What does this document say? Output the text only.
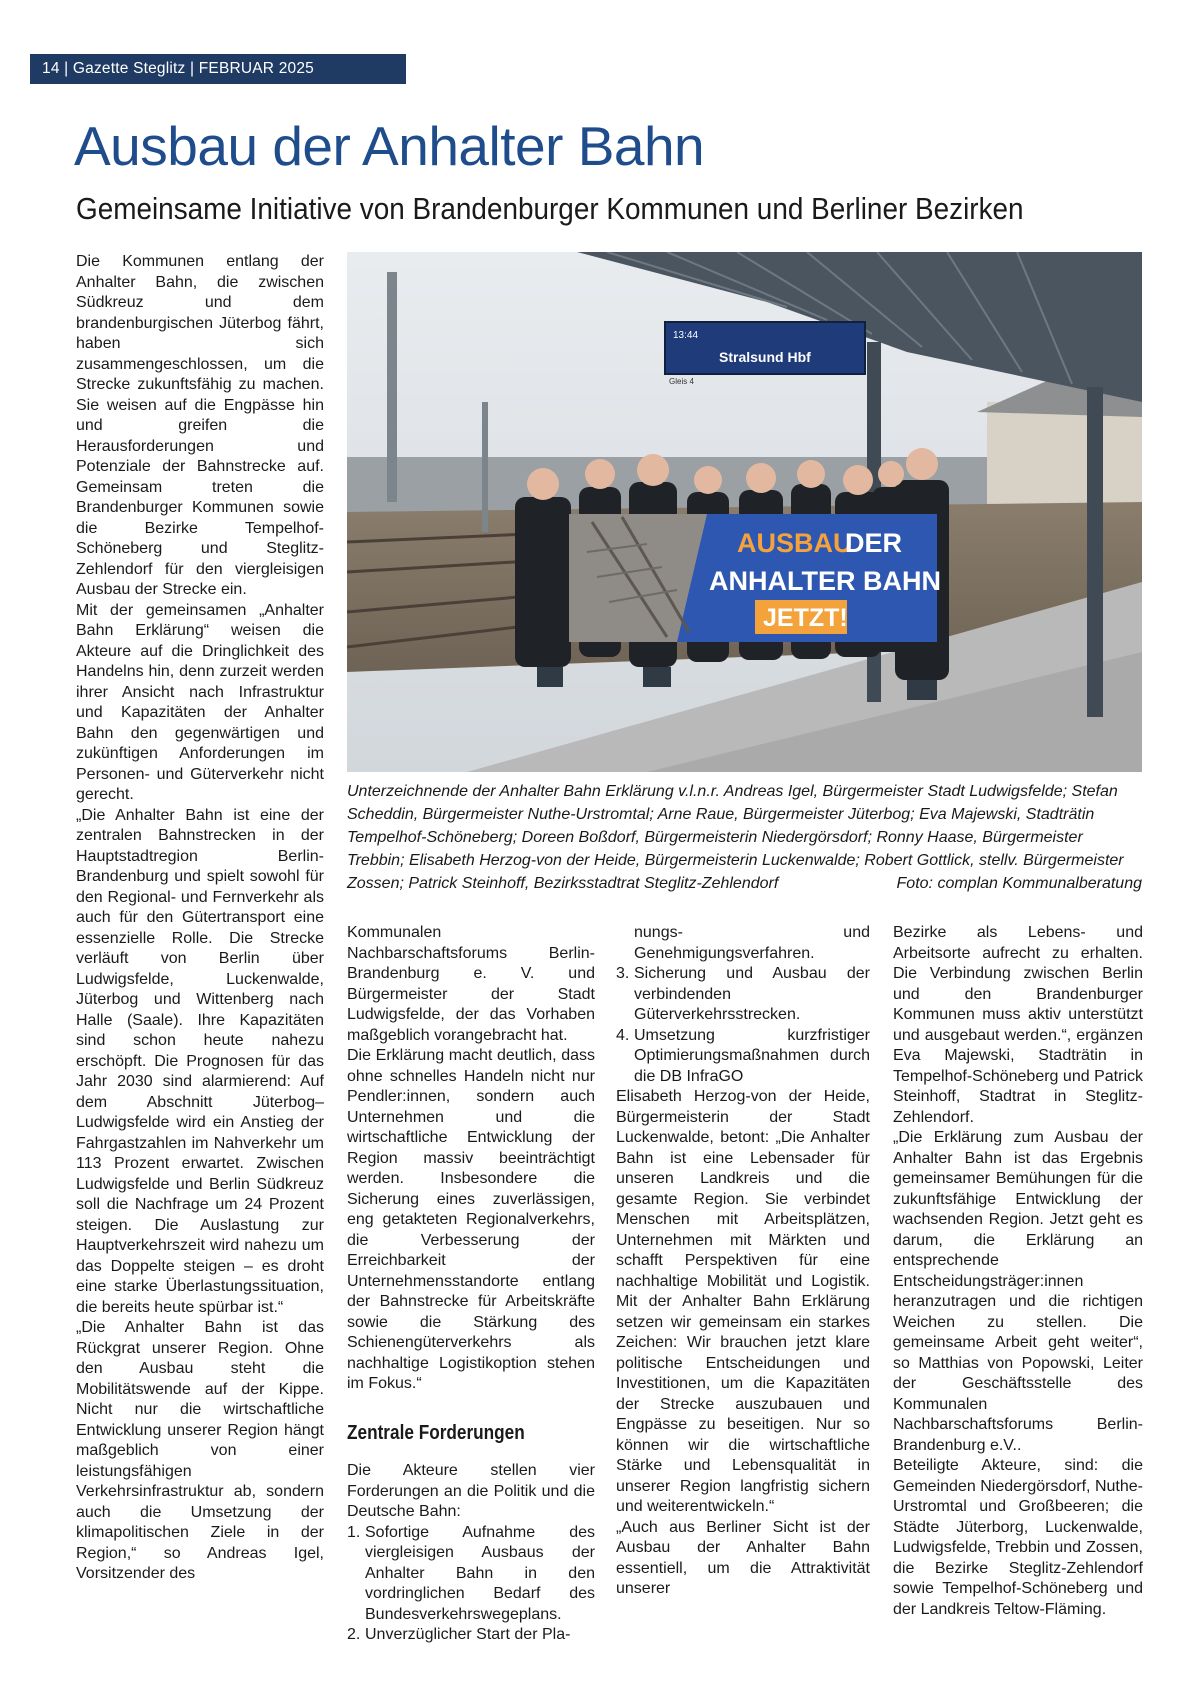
14 | Gazette Steglitz | FEBRUAR 2025
Ausbau der Anhalter Bahn
Gemeinsame Initiative von Brandenburger Kommunen und Berliner Bezirken

Die Kommunen entlang der Anhalter Bahn, die zwischen Südkreuz und dem brandenburgischen Jüterbog fährt, haben sich zusammengeschlossen, um die Strecke zukunftsfähig zu machen. Sie weisen auf die Engpässe hin und greifen die Herausforderungen und Potenziale der Bahnstrecke auf. Gemeinsam treten die Brandenburger Kommunen sowie die Bezirke Tempelhof-Schöneberg und Steglitz-Zehlendorf für den viergleisigen Ausbau der Strecke ein.

Mit der gemeinsamen „Anhalter Bahn Erklärung“ weisen die Akteure auf die Dringlichkeit des Handelns hin, denn zurzeit werden ihrer Ansicht nach Infrastruktur und Kapazitäten der Anhalter Bahn den gegenwärtigen und zukünftigen Anforderungen im Personen- und Güterverkehr nicht gerecht.

„Die Anhalter Bahn ist eine der zentralen Bahnstrecken in der Hauptstadtregion Berlin-Brandenburg und spielt sowohl für den Regional- und Fernverkehr als auch für den Gütertransport eine essenzielle Rolle. Die Strecke verläuft von Berlin über Ludwigsfelde, Luckenwalde, Jüterbog und Wittenberg nach Halle (Saale). Ihre Kapazitäten sind schon heute nahezu erschöpft. Die Prognosen für das Jahr 2030 sind alarmierend: Auf dem Abschnitt Jüterbog–Ludwigsfelde wird ein Anstieg der Fahrgastzahlen im Nahverkehr um 113 Prozent erwartet. Zwischen Ludwigsfelde und Berlin Südkreuz soll die Nachfrage um 24 Prozent steigen. Die Auslastung zur Hauptverkehrszeit wird nahezu um das Doppelte steigen – es droht eine starke Überlastungssituation, die bereits heute spürbar ist.“

„Die Anhalter Bahn ist das Rückgrat unserer Region. Ohne den Ausbau steht die Mobilitätswende auf der Kippe. Nicht nur die wirtschaftliche Entwicklung unserer Region hängt maßgeblich von einer leistungsfähigen Verkehrsinfrastruktur ab, sondern auch die Umsetzung der klimapolitischen Ziele in der Region,“ so Andreas Igel, Vorsitzender des

13:44
Stralsund Hbf
Gleis 4
AUSBAU
DER
ANHALTER BAHN
JETZT!

Unterzeichnende der Anhalter Bahn Erklärung v.l.n.r. Andreas Igel, Bürgermeister Stadt Ludwigsfelde; Stefan Scheddin, Bürgermeister Nuthe-Urstromtal; Arne Raue, Bürgermeister Jüterbog; Eva Majewski, Stadträtin Tempelhof-Schöneberg; Doreen Boßdorf, Bürgermeisterin Niedergörsdorf; Ronny Haase, Bürgermeister Trebbin; Elisabeth Herzog-von der Heide, Bürgermeisterin Luckenwalde; Robert Gottlick, stellv. Bürgermeister Zossen; Patrick Steinhoff, Bezirksstadtrat Steglitz-Zehlendorf	Foto: complan Kommunalberatung

Kommunalen Nachbarschaftsforums Berlin-Brandenburg e. V. und Bürgermeister der Stadt Ludwigsfelde, der das Vorhaben maßgeblich vorangebracht hat.

Die Erklärung macht deutlich, dass ohne schnelles Handeln nicht nur Pendler:innen, sondern auch Unternehmen und die wirtschaftliche Entwicklung der Region massiv beeinträchtigt werden. Insbesondere die Sicherung eines zuverlässigen, eng getakteten Regionalverkehrs, die Verbesserung der Erreichbarkeit der Unternehmensstandorte entlang der Bahnstrecke für Arbeitskräfte sowie die Stärkung des Schienengüterverkehrs als nachhaltige Logistikoption stehen im Fokus.“

Zentrale Forderungen

Die Akteure stellen vier Forderungen an die Politik und die Deutsche Bahn:

1. Sofortige Aufnahme des viergleisigen Ausbaus der Anhalter Bahn in den vordringlichen Bedarf des Bundesverkehrswegeplans.
2. Unverzüglicher Start der Pla-
nungs- und Genehmigungsverfahren.
3. Sicherung und Ausbau der verbindenden Güterverkehrsstrecken.
4. Umsetzung kurzfristiger Optimierungsmaßnahmen durch die DB InfraGO

Elisabeth Herzog-von der Heide, Bürgermeisterin der Stadt Luckenwalde, betont: „Die Anhalter Bahn ist eine Lebensader für unseren Landkreis und die gesamte Region. Sie verbindet Menschen mit Arbeitsplätzen, Unternehmen mit Märkten und schafft Perspektiven für eine nachhaltige Mobilität und Logistik. Mit der Anhalter Bahn Erklärung setzen wir gemeinsam ein starkes Zeichen: Wir brauchen jetzt klare politische Entscheidungen und Investitionen, um die Kapazitäten der Strecke auszubauen und Engpässe zu beseitigen. Nur so können wir die wirtschaftliche Stärke und Lebensqualität in unserer Region langfristig sichern und weiterentwickeln.“

„Auch aus Berliner Sicht ist der Ausbau der Anhalter Bahn essentiell, um die Attraktivität unserer

Bezirke als Lebens- und Arbeitsorte aufrecht zu erhalten. Die Verbindung zwischen Berlin und den Brandenburger Kommunen muss aktiv unterstützt und ausgebaut werden.“, ergänzen Eva Majewski, Stadträtin in Tempelhof-Schöneberg und Patrick Steinhoff, Stadtrat in Steglitz-Zehlendorf.

„Die Erklärung zum Ausbau der Anhalter Bahn ist das Ergebnis gemeinsamer Bemühungen für die zukunftsfähige Entwicklung der wachsenden Region. Jetzt geht es darum, die Erklärung an entsprechende Entscheidungsträger:innen heranzutragen und die richtigen Weichen zu stellen. Die gemeinsame Arbeit geht weiter“, so Matthias von Popowski, Leiter der Geschäftsstelle des Kommunalen Nachbarschaftsforums Berlin-Brandenburg e.V..

Beteiligte Akteure, sind: die Gemeinden Niedergörsdorf, Nuthe-Urstromtal und Großbeeren; die Städte Jüterborg, Luckenwalde, Ludwigsfelde, Trebbin und Zossen, die Bezirke Steglitz-Zehlendorf sowie Tempelhof-Schöneberg und der Landkreis Teltow-Fläming.
